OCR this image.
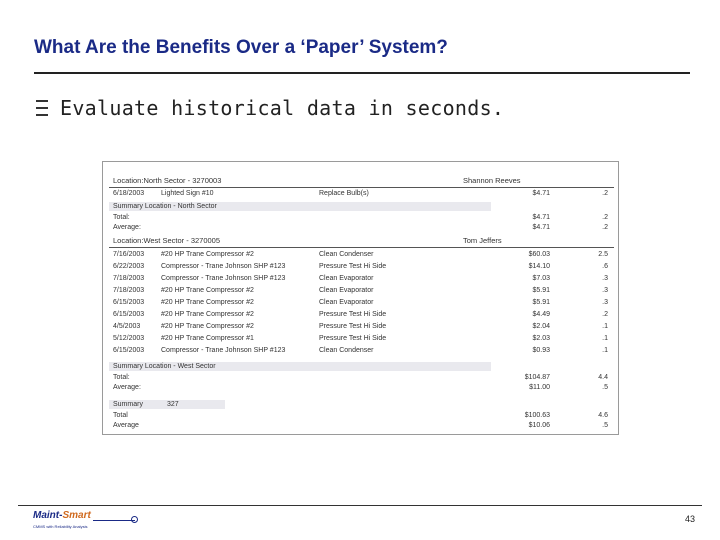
What Are the Benefits Over a ‘Paper’ System?
Evaluate historical data in seconds.
Location:North Sector - 3270003	Shannon Reeves
6/18/2003 Lighted Sign #10	Replace Bulb(s)	$4.71	.2
Summary Location - North Sector
Total:	$4.71	.2
Average:	$4.71	.2
Location:West Sector - 3270005	Tom Jeffers
7/16/2003 #20 HP Trane Compressor #2	Clean Condenser	$60.03	2.5
6/22/2003 Compressor - Trane Johnson SHP #123	Pressure Test Hi Side	$14.10	.6
7/18/2003 Compressor - Trane Johnson SHP #123	Clean Evaporator	$7.03	.3
7/18/2003 #20 HP Trane Compressor #2	Clean Evaporator	$5.91	.3
6/15/2003 #20 HP Trane Compressor #2	Clean Evaporator	$5.91	.3
6/15/2003 #20 HP Trane Compressor #2	Pressure Test Hi Side	$4.49	.2
4/5/2003	#20 HP Trane Compressor #2	Pressure Test Hi Side	$2.04	.1
5/12/2003 #20 HP Trane Compressor #1	Pressure Test Hi Side	$2.03	.1
6/15/2003 Compressor - Trane Johnson SHP #123	Clean Condenser	$0.93	.1
Summary Location - West Sector
Total:	$104.87	4.4
Average:	$11.00	.5
Summary	327
Total	$100.63	4.6
Average	$10.06	.5
Maint-Smart
CMMS with Reliability Analysis
43
